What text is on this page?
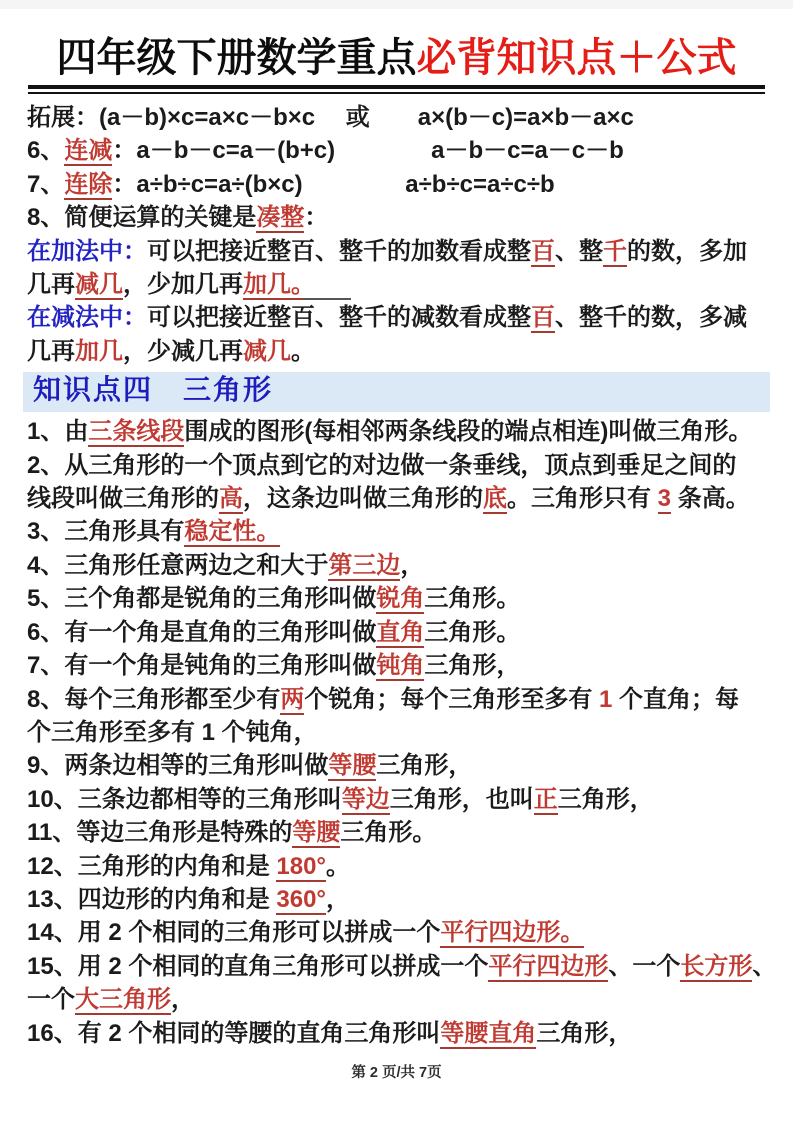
四年级下册数学重点必背知识点＋公式
拓展：(a－b)×c=a×c－b×c　 或　　a×(b－c)=a×b－a×c
6、连减：a－b－c=a－(b+c)　　　　	a－b－c=a－c－b
7、连除：a÷b÷c=a÷(b×c)　　　　	a÷b÷c=a÷c÷b
8、简便运算的关键是凑整：
在加法中：可以把接近整百、整千的加数看成整百、整千的数，多加
几再减几，少加几再加几。　　
在减法中：可以把接近整百、整千的减数看成整百、整千的数，多减
几再加几，少减几再减几。
知识点四　三角形
1、由三条线段围成的图形(每相邻两条线段的端点相连)叫做三角形。
2、从三角形的一个顶点到它的对边做一条垂线，顶点到垂足之间的
线段叫做三角形的高，这条边叫做三角形的底。三角形只有 3 条高。
3、三角形具有稳定性。
4、三角形任意两边之和大于第三边，
5、三个角都是锐角的三角形叫做锐角三角形。
6、有一个角是直角的三角形叫做直角三角形。
7、有一个角是钝角的三角形叫做钝角三角形，
8、每个三角形都至少有两个锐角；每个三角形至多有 1 个直角；每
个三角形至多有 1 个钝角，
9、两条边相等的三角形叫做等腰三角形，
10、三条边都相等的三角形叫等边三角形，也叫正三角形，
11、等边三角形是特殊的等腰三角形。
12、三角形的内角和是 180°。
13、四边形的内角和是 360°，
14、用 2 个相同的三角形可以拼成一个平行四边形。
15、用 2 个相同的直角三角形可以拼成一个平行四边形、一个长方形、
一个大三角形，
16、有 2 个相同的等腰的直角三角形叫等腰直角三角形，
第 2 页/共 7页
